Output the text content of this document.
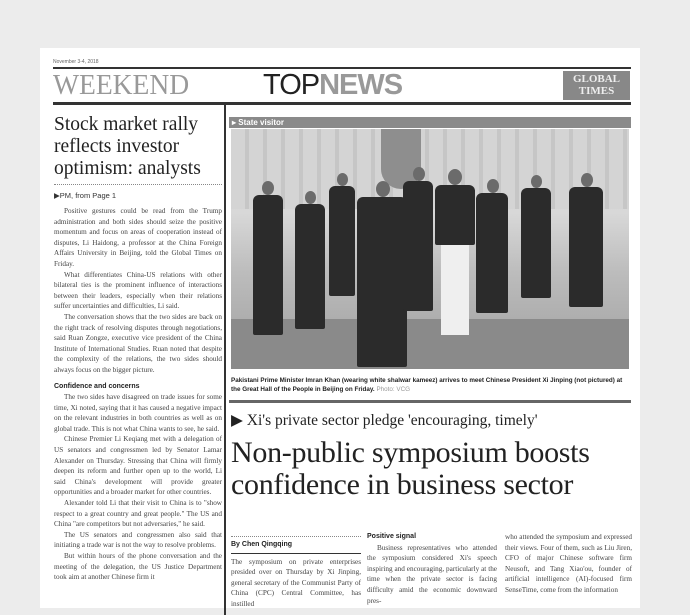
November 3-4, 2018
WEEKEND	TOPNEWS	GLOBAL
TIMES
Stock market rally reflects investor optimism: analysts
▶PM, from Page 1

Positive gestures could be read from the Trump administration and both sides should seize the positive momentum and focus on areas of cooperation instead of disputes, Li Haidong, a professor at the China Foreign Affairs University in Beijing, told the Global Times on Friday.

What differentiates China-US relations with other bilateral ties is the prominent influence of interactions between their leaders, especially when their relations suffer uncertainties and difficulties, Li said.

The conversation shows that the two sides are back on the right track of resolving disputes through negotiations, said Ruan Zongze, executive vice president of the China Institute of International Studies. Ruan noted that despite the complexity of the relations, the two sides should always focus on the bigger picture.

Confidence and concerns

The two sides have disagreed on trade issues for some time, Xi noted, saying that it has caused a negative impact on the relevant industries in both countries as well as on global trade. This is not what China wants to see, he said.

Chinese Premier Li Keqiang met with a delegation of US senators and congressmen led by Senator Lamar Alexander on Thursday. Stressing that China will firmly deepen its reform and further open up to the world, Li said China's development will provide greater opportunities and a broader market for other countries.

Alexander told Li that their visit to China is to "show respect to a great country and great people." The US and China "are competitors but not adversaries," he said.

The US senators and congressmen also said that initiating a trade war is not the way to resolve problems.

But within hours of the phone conversation and the meeting of the delegation, the US Justice Department took aim at another Chinese firm it

▸ State visitor
Pakistani Prime Minister Imran Khan (wearing white shalwar kameez) arrives to meet Chinese President Xi Jinping (not pictured) at the Great Hall of the People in Beijing on Friday. Photo: VCG
▶ Xi's private sector pledge 'encouraging, timely'
Non-public symposium boosts confidence in business sector
By Chen Qingqing
The symposium on private enterprises presided over on Thursday by Xi Jinping, general secretary of the Communist Party of China (CPC) Central Committee, has instilled
Positive signal

Business representatives who attended the symposium considered Xi's speech inspiring and encouraging, particularly at the time when the private sector is facing difficulty amid the economic downward pres-

who attended the symposium and expressed their views. Four of them, such as Liu Jiren, CFO of major Chinese software firm Neusoft, and Tang Xiao'ou, founder of artificial intelligence (AI)-focused firm SenseTime, come from the information
